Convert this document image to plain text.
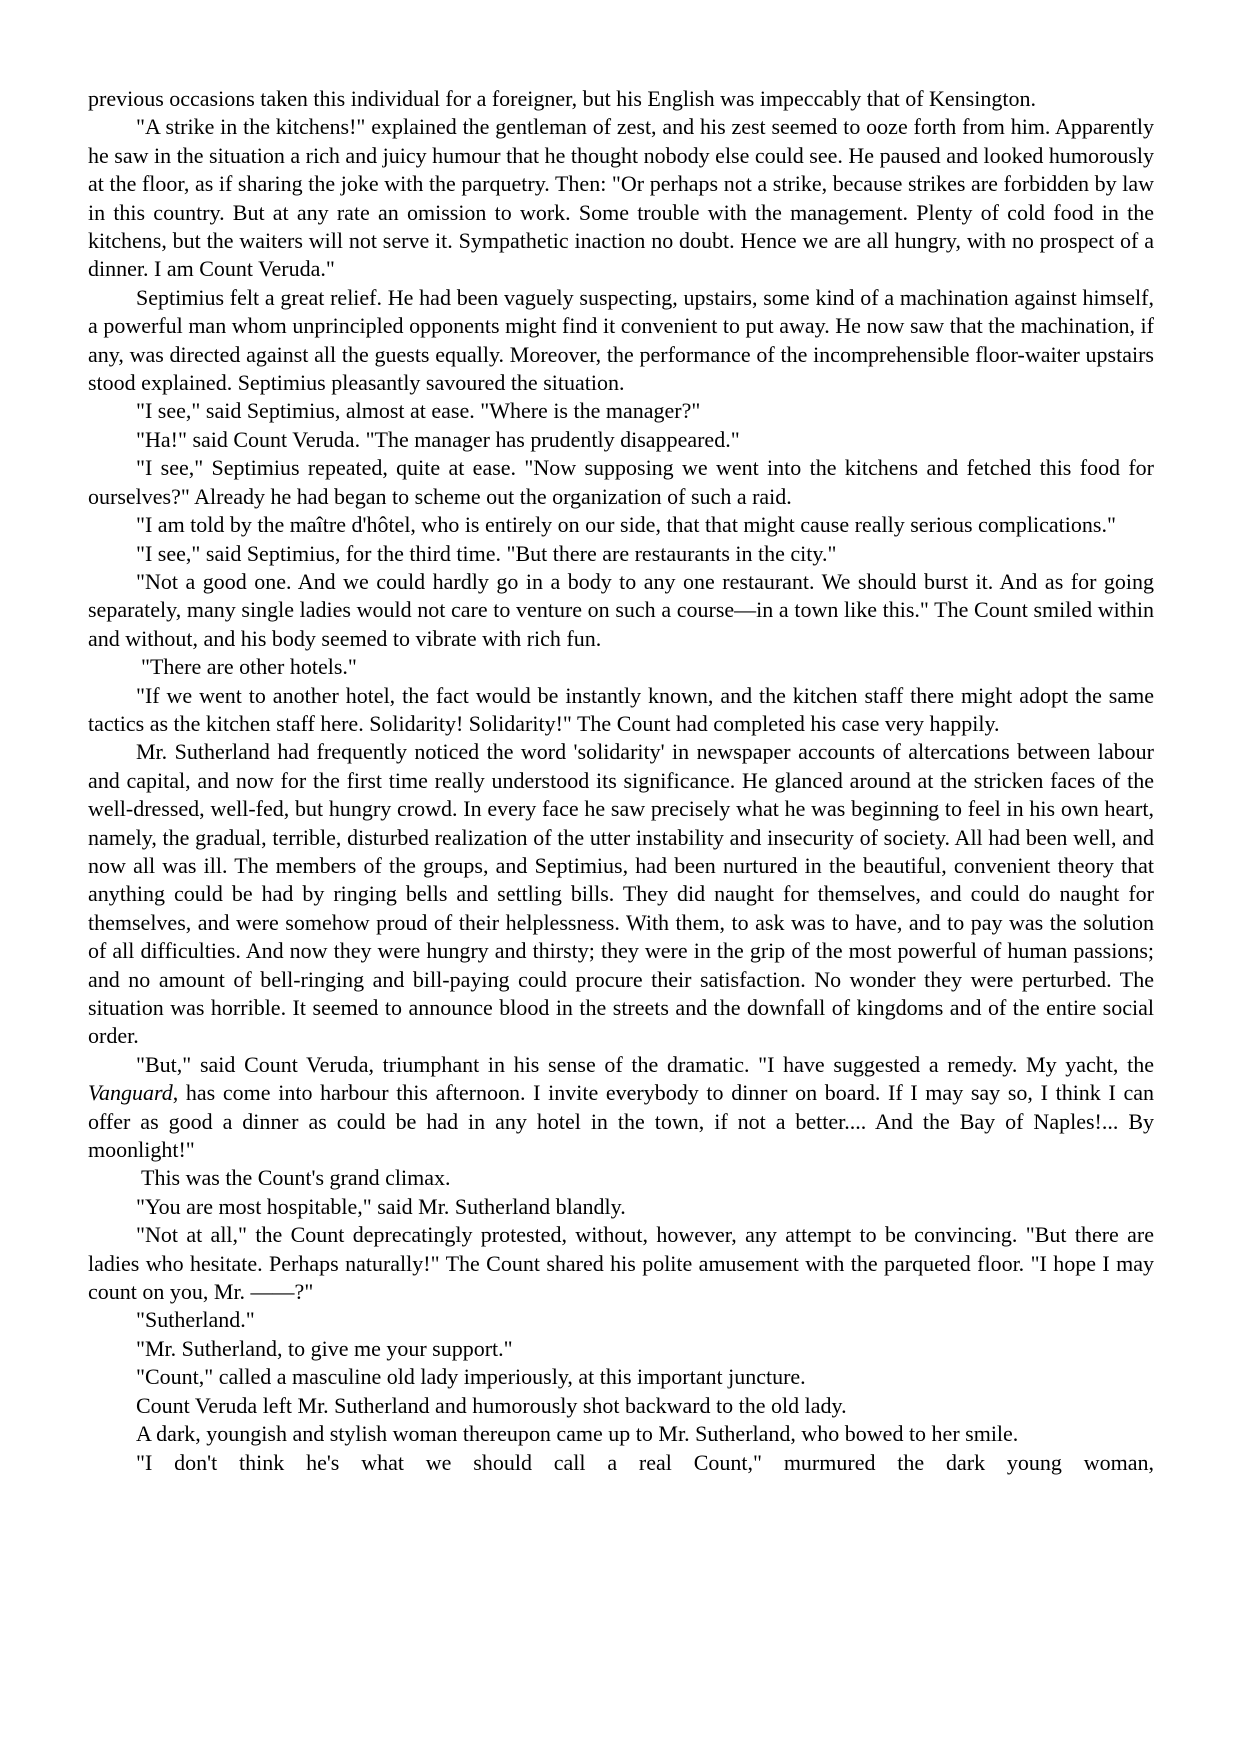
previous occasions taken this individual for a foreigner, but his English was impeccably that of Kensington.

"A strike in the kitchens!" explained the gentleman of zest, and his zest seemed to ooze forth from him. Apparently he saw in the situation a rich and juicy humour that he thought nobody else could see. He paused and looked humorously at the floor, as if sharing the joke with the parquetry. Then: "Or perhaps not a strike, because strikes are forbidden by law in this country. But at any rate an omission to work. Some trouble with the management. Plenty of cold food in the kitchens, but the waiters will not serve it. Sympathetic inaction no doubt. Hence we are all hungry, with no prospect of a dinner. I am Count Veruda."

Septimius felt a great relief. He had been vaguely suspecting, upstairs, some kind of a machination against himself, a powerful man whom unprincipled opponents might find it convenient to put away. He now saw that the machination, if any, was directed against all the guests equally. Moreover, the performance of the incomprehensible floor-waiter upstairs stood explained. Septimius pleasantly savoured the situation.

"I see," said Septimius, almost at ease. "Where is the manager?"

"Ha!" said Count Veruda. "The manager has prudently disappeared."

"I see," Septimius repeated, quite at ease. "Now supposing we went into the kitchens and fetched this food for ourselves?" Already he had began to scheme out the organization of such a raid.

"I am told by the maître d'hôtel, who is entirely on our side, that that might cause really serious complications."

"I see," said Septimius, for the third time. "But there are restaurants in the city."

"Not a good one. And we could hardly go in a body to any one restaurant. We should burst it. And as for going separately, many single ladies would not care to venture on such a course—in a town like this." The Count smiled within and without, and his body seemed to vibrate with rich fun.

"There are other hotels."

"If we went to another hotel, the fact would be instantly known, and the kitchen staff there might adopt the same tactics as the kitchen staff here. Solidarity! Solidarity!" The Count had completed his case very happily.

Mr. Sutherland had frequently noticed the word 'solidarity' in newspaper accounts of altercations between labour and capital, and now for the first time really understood its significance. He glanced around at the stricken faces of the well-dressed, well-fed, but hungry crowd. In every face he saw precisely what he was beginning to feel in his own heart, namely, the gradual, terrible, disturbed realization of the utter instability and insecurity of society. All had been well, and now all was ill. The members of the groups, and Septimius, had been nurtured in the beautiful, convenient theory that anything could be had by ringing bells and settling bills. They did naught for themselves, and could do naught for themselves, and were somehow proud of their helplessness. With them, to ask was to have, and to pay was the solution of all difficulties. And now they were hungry and thirsty; they were in the grip of the most powerful of human passions; and no amount of bell-ringing and bill-paying could procure their satisfaction. No wonder they were perturbed. The situation was horrible. It seemed to announce blood in the streets and the downfall of kingdoms and of the entire social order.

"But," said Count Veruda, triumphant in his sense of the dramatic. "I have suggested a remedy. My yacht, the Vanguard, has come into harbour this afternoon. I invite everybody to dinner on board. If I may say so, I think I can offer as good a dinner as could be had in any hotel in the town, if not a better.... And the Bay of Naples!... By moonlight!"

This was the Count's grand climax.

"You are most hospitable," said Mr. Sutherland blandly.

"Not at all," the Count deprecatingly protested, without, however, any attempt to be convincing. "But there are ladies who hesitate. Perhaps naturally!" The Count shared his polite amusement with the parqueted floor. "I hope I may count on you, Mr. ——?"

"Sutherland."

"Mr. Sutherland, to give me your support."

"Count," called a masculine old lady imperiously, at this important juncture.

Count Veruda left Mr. Sutherland and humorously shot backward to the old lady.

A dark, youngish and stylish woman thereupon came up to Mr. Sutherland, who bowed to her smile.

"I don't think he's what we should call a real Count," murmured the dark young woman,
